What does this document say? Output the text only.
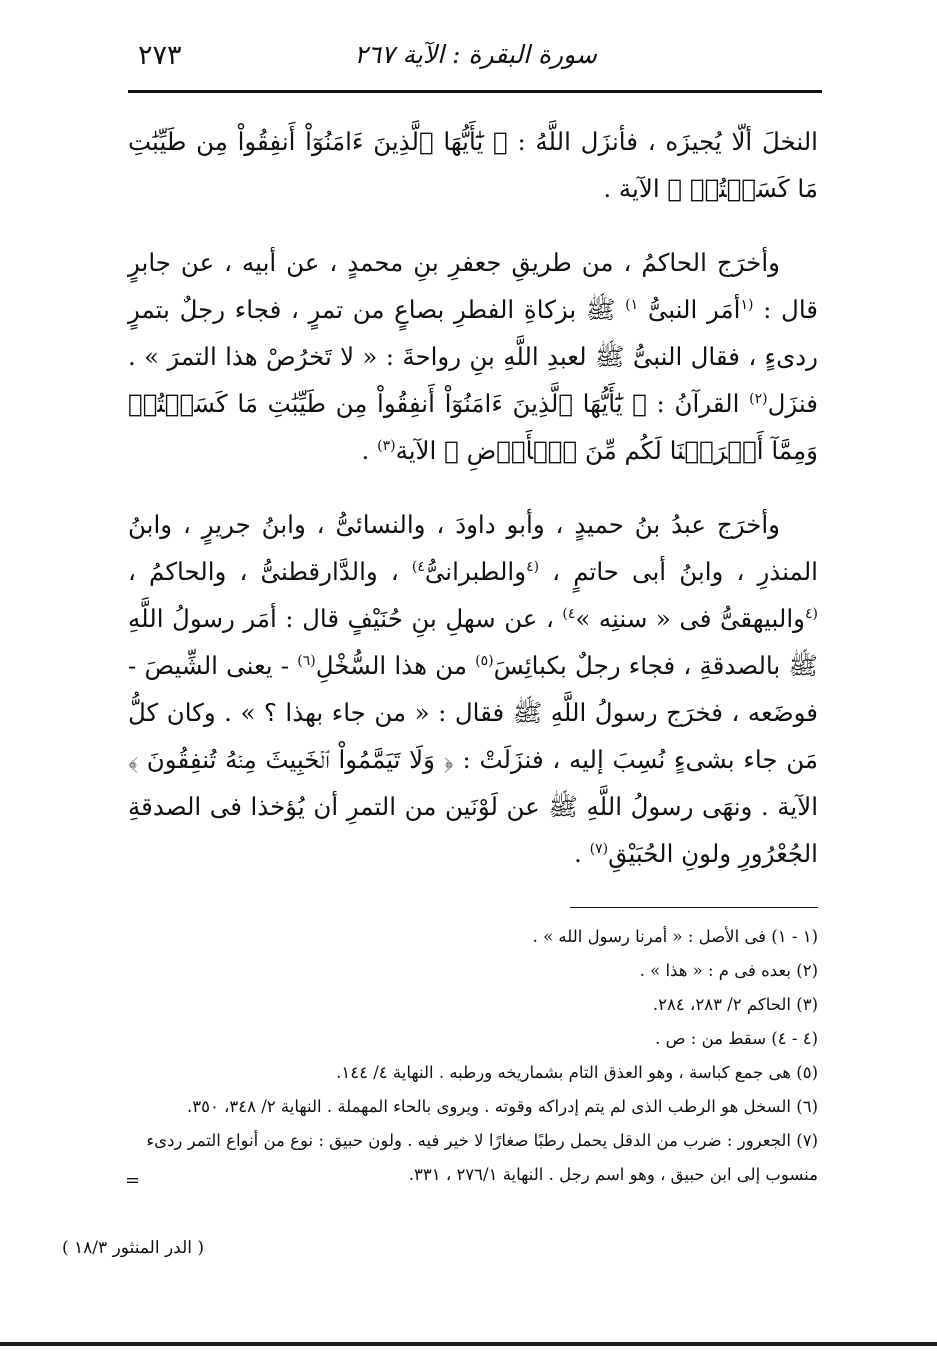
٢٧٣	سورة البقرة : الآية ٢٦٧

النخلَ ألّا يُجيزَه ، فأنزَل اللَّهُ : ﴿ يَٰٓأَيُّهَا ٱلَّذِينَ ءَامَنُوٓاْ أَنفِقُواْ مِن طَيِّبَٰتِ مَا كَسَبۡتُمۡ ﴾ الآية .

وأخرَج الحاكمُ ، من طريقِ جعفرِ بنِ محمدٍ ، عن أبيه ، عن جابرٍ قال : $^{(١}$أمَر النبىُّ $^{١)}$ ﷺ بزكاةِ الفطرِ بصاعٍ من تمرٍ ، فجاء رجلٌ بتمرٍ ردىءٍ ، فقال النبىُّ ﷺ لعبدِ اللَّهِ بنِ رواحةَ : « لا تَخرُصْ هذا التمرَ » . فنزَل$^{(٢)}$ القرآنُ : ﴿ يَٰٓأَيُّهَا ٱلَّذِينَ ءَامَنُوٓاْ أَنفِقُواْ مِن طَيِّبَٰتِ مَا كَسَبۡتُمۡ وَمِمَّآ أَخۡرَجۡنَا لَكُم مِّنَ ٱلۡأَرۡضِ ﴾ الآية$^{(٣)}$ .

وأخرَج عبدُ بنُ حميدٍ ، وأبو داودَ ، والنسائىُّ ، وابنُ جريرٍ ، وابنُ المنذرِ ، وابنُ أبى حاتمٍ ، $^{(٤}$والطبرانىُّ$^{٤)}$ ، والدَّارقطنىُّ ، والحاكمُ ، $^{(٤}$والبيهقىُّ فى « سننِه »$^{٤)}$ ، عن سهلِ بنِ حُنَيْفٍ قال : أمَر رسولُ اللَّهِ ﷺ بالصدقةِ ، فجاء رجلٌ بكبائِسَ$^{(٥)}$ من هذا السُّخْلِ$^{(٦)}$ - يعنى الشِّيصَ - فوضَعه ، فخرَج رسولُ اللَّهِ ﷺ فقال : « من جاء بهذا ؟ » . وكان كلُّ مَن جاء بشىءٍ نُسِبَ إليه ، فنزَلَتْ : ﴿ وَلَا تَيَمَّمُواْ ٱلۡخَبِيثَ مِنۡهُ تُنفِقُونَ ﴾ الآية . ونهَى رسولُ اللَّهِ ﷺ عن لَوْنَين من التمرِ أن يُؤخذا فى الصدقةِ الجُعْرُورِ ولونِ الحُبَيْقِ$^{(٧)}$ .

(١ - ١) فى الأصل : « أمرنا رسول الله » .

(٢) بعده فى م : « هذا » .

(٣) الحاكم ٢/ ٢٨٣، ٢٨٤.

(٤ - ٤) سقط من : ص .

(٥) هى جمع كباسة ، وهو العذق التام بشماريخه ورطبه . النهاية ٤/ ١٤٤.

(٦) السخل هو الرطب الذى لم يتم إدراكه وقوته . ويروى بالحاء المهملة . النهاية ٢/ ٣٤٨، ٣٥٠.

(٧) الجعرور : ضرب من الدقل يحمل رطبًا صغارًا لا خير فيه . ولون حبيق : نوع من أنواع التمر ردىء

منسوب إلى ابن حبيق ، وهو اسم رجل . النهاية ٢٧٦/١ ، ٣٣١.

=
( الدر المنثور ١٨/٣ )
